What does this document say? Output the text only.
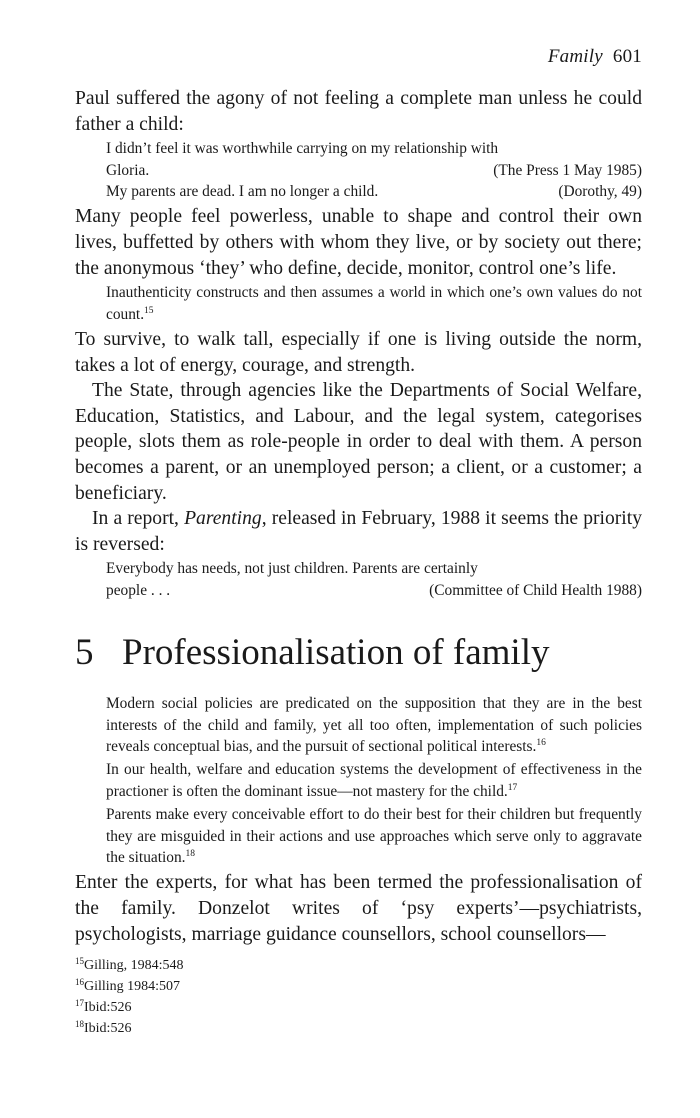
Family 601

Paul suffered the agony of not feeling a complete man unless he could father a child:

I didn’t feel it was worthwhile carrying on my relationship with
Gloria.	(The Press 1 May 1985)
My parents are dead. I am no longer a child.	(Dorothy, 49)

Many people feel powerless, unable to shape and control their own lives, buffetted by others with whom they live, or by society out there; the anonymous ‘they’ who define, decide, monitor, control one’s life.

Inauthenticity constructs and then assumes a world in which one’s own values do not count.$^{15}$

To survive, to walk tall, especially if one is living outside the norm, takes a lot of energy, courage, and strength.

The State, through agencies like the Departments of Social Welfare, Education, Statistics, and Labour, and the legal system, categorises people, slots them as role-people in order to deal with them. A person becomes a parent, or an unemployed person; a client, or a customer; a beneficiary.

In a report, Parenting, released in February, 1988 it seems the priority is reversed:

Everybody has needs, not just children. Parents are certainly
people . . .	(Committee of Child Health 1988)
5 Professionalisation of family
Modern social policies are predicated on the supposition that they are in the best interests of the child and family, yet all too often, implementation of such policies reveals conceptual bias, and the pursuit of sectional political interests.$^{16}$
In our health, welfare and education systems the development of effectiveness in the practioner is often the dominant issue—not mastery for the child.$^{17}$
Parents make every conceivable effort to do their best for their children but frequently they are misguided in their actions and use approaches which serve only to aggravate the situation.$^{18}$

Enter the experts, for what has been termed the professionalisation of the family. Donzelot writes of ‘psy experts’—psychiatrists, psychologists, marriage guidance counsellors, school counsellors—

$^{15}$Gilling, 1984:548
$^{16}$Gilling 1984:507
$^{17}$Ibid:526
$^{18}$Ibid:526
